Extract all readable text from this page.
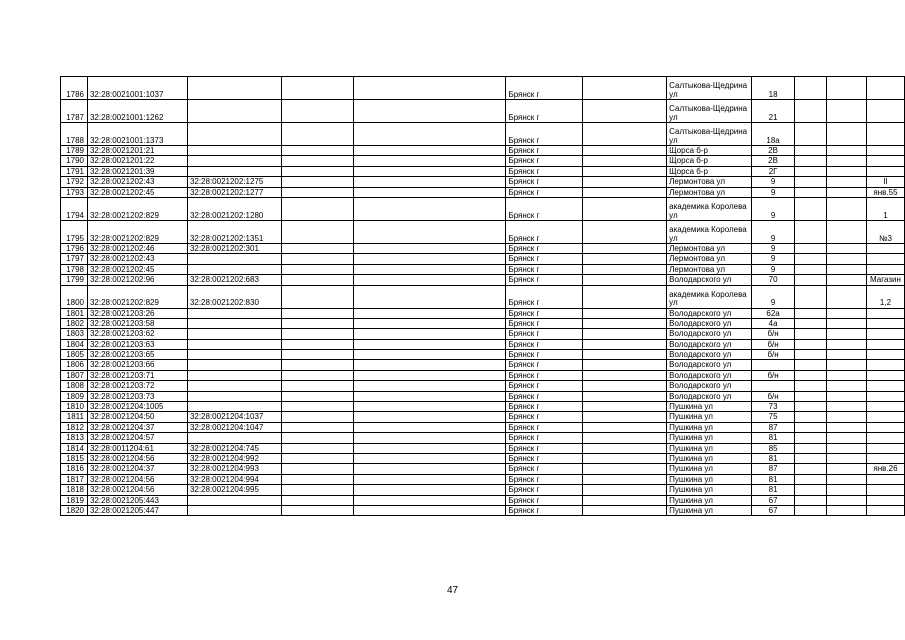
1786	32:28:0021001:1037				Брянск г		Салтыкова-Щедрина ул	18			
1787	32:28:0021001:1262				Брянск г		Салтыкова-Щедрина ул	21			
1788	32:28:0021001:1373				Брянск г		Салтыкова-Щедрина ул	18а			
1789	32:28:0021201:21				Брянск г		Щорса б-р	2В			
1790	32:28:0021201:22				Брянск г		Щорса б-р	2В			
1791	32:28:0021201:39				Брянск г		Щорса б-р	2Г			
1792	32:28:0021202:43	32:28:0021202:1275			Брянск г		Лермонтова ул	9			II
1793	32:28:0021202:45	32:28:0021202:1277			Брянск г		Лермонтова ул	9			янв.55
1794	32:28:0021202:829	32:28:0021202:1280			Брянск г		академика Королева ул	9			1
1795	32:28:0021202:829	32:28:0021202:1351			Брянск г		академика Королева ул	9			№3
1796	32:28:0021202:46	32:28:0021202:301			Брянск г		Лермонтова ул	9			
1797	32:28:0021202:43				Брянск г		Лермонтова ул	9			
1798	32:28:0021202:45				Брянск г		Лермонтова ул	9			
1799	32:28:0021202:96	32:28:0021202:683			Брянск г		Володарского ул	70			Магазин
1800	32:28:0021202:829	32:28:0021202:830			Брянск г		академика Королева ул	9			1,2
1801	32:28:0021203:26				Брянск г		Володарского ул	62а			
1802	32:28:0021203:58				Брянск г		Володарского ул	4а			
1803	32:28:0021203:62				Брянск г		Володарского ул	б/н			
1804	32:28:0021203:63				Брянск г		Володарского ул	б/н			
1805	32:28:0021203:65				Брянск г		Володарского ул	б/н			
1806	32:28:0021203:66				Брянск г		Володарского ул				
1807	32:28:0021203:71				Брянск г		Володарского ул	б/н			
1808	32:28:0021203:72				Брянск г		Володарского ул				
1809	32:28:0021203:73				Брянск г		Володарского ул	б/н			
1810	32:28:0021204:1005				Брянск г		Пушкина ул	73			
1811	32:28:0021204:50	32:28:0021204:1037			Брянск г		Пушкина ул	75			
1812	32:28:0021204:37	32:28:0021204:1047			Брянск г		Пушкина ул	87			
1813	32:28:0021204:57				Брянск г		Пушкина ул	81			
1814	32:28:0011204:61	32:28:0021204:745			Брянск г		Пушкина ул	85			
1815	32:28:0021204:56	32:28:0021204:992			Брянск г		Пушкина ул	81			
1816	32:28:0021204:37	32:28:0021204:993			Брянск г		Пушкина ул	87			янв.26
1817	32:28:0021204:56	32:28:0021204:994			Брянск г		Пушкина ул	81			
1818	32:28:0021204:56	32:28:0021204:995			Брянск г		Пушкина ул	81			
1819	32:28:0021205:443				Брянск г		Пушкина ул	67			
1820	32:28:0021205:447				Брянск г		Пушкина ул	67			
47
